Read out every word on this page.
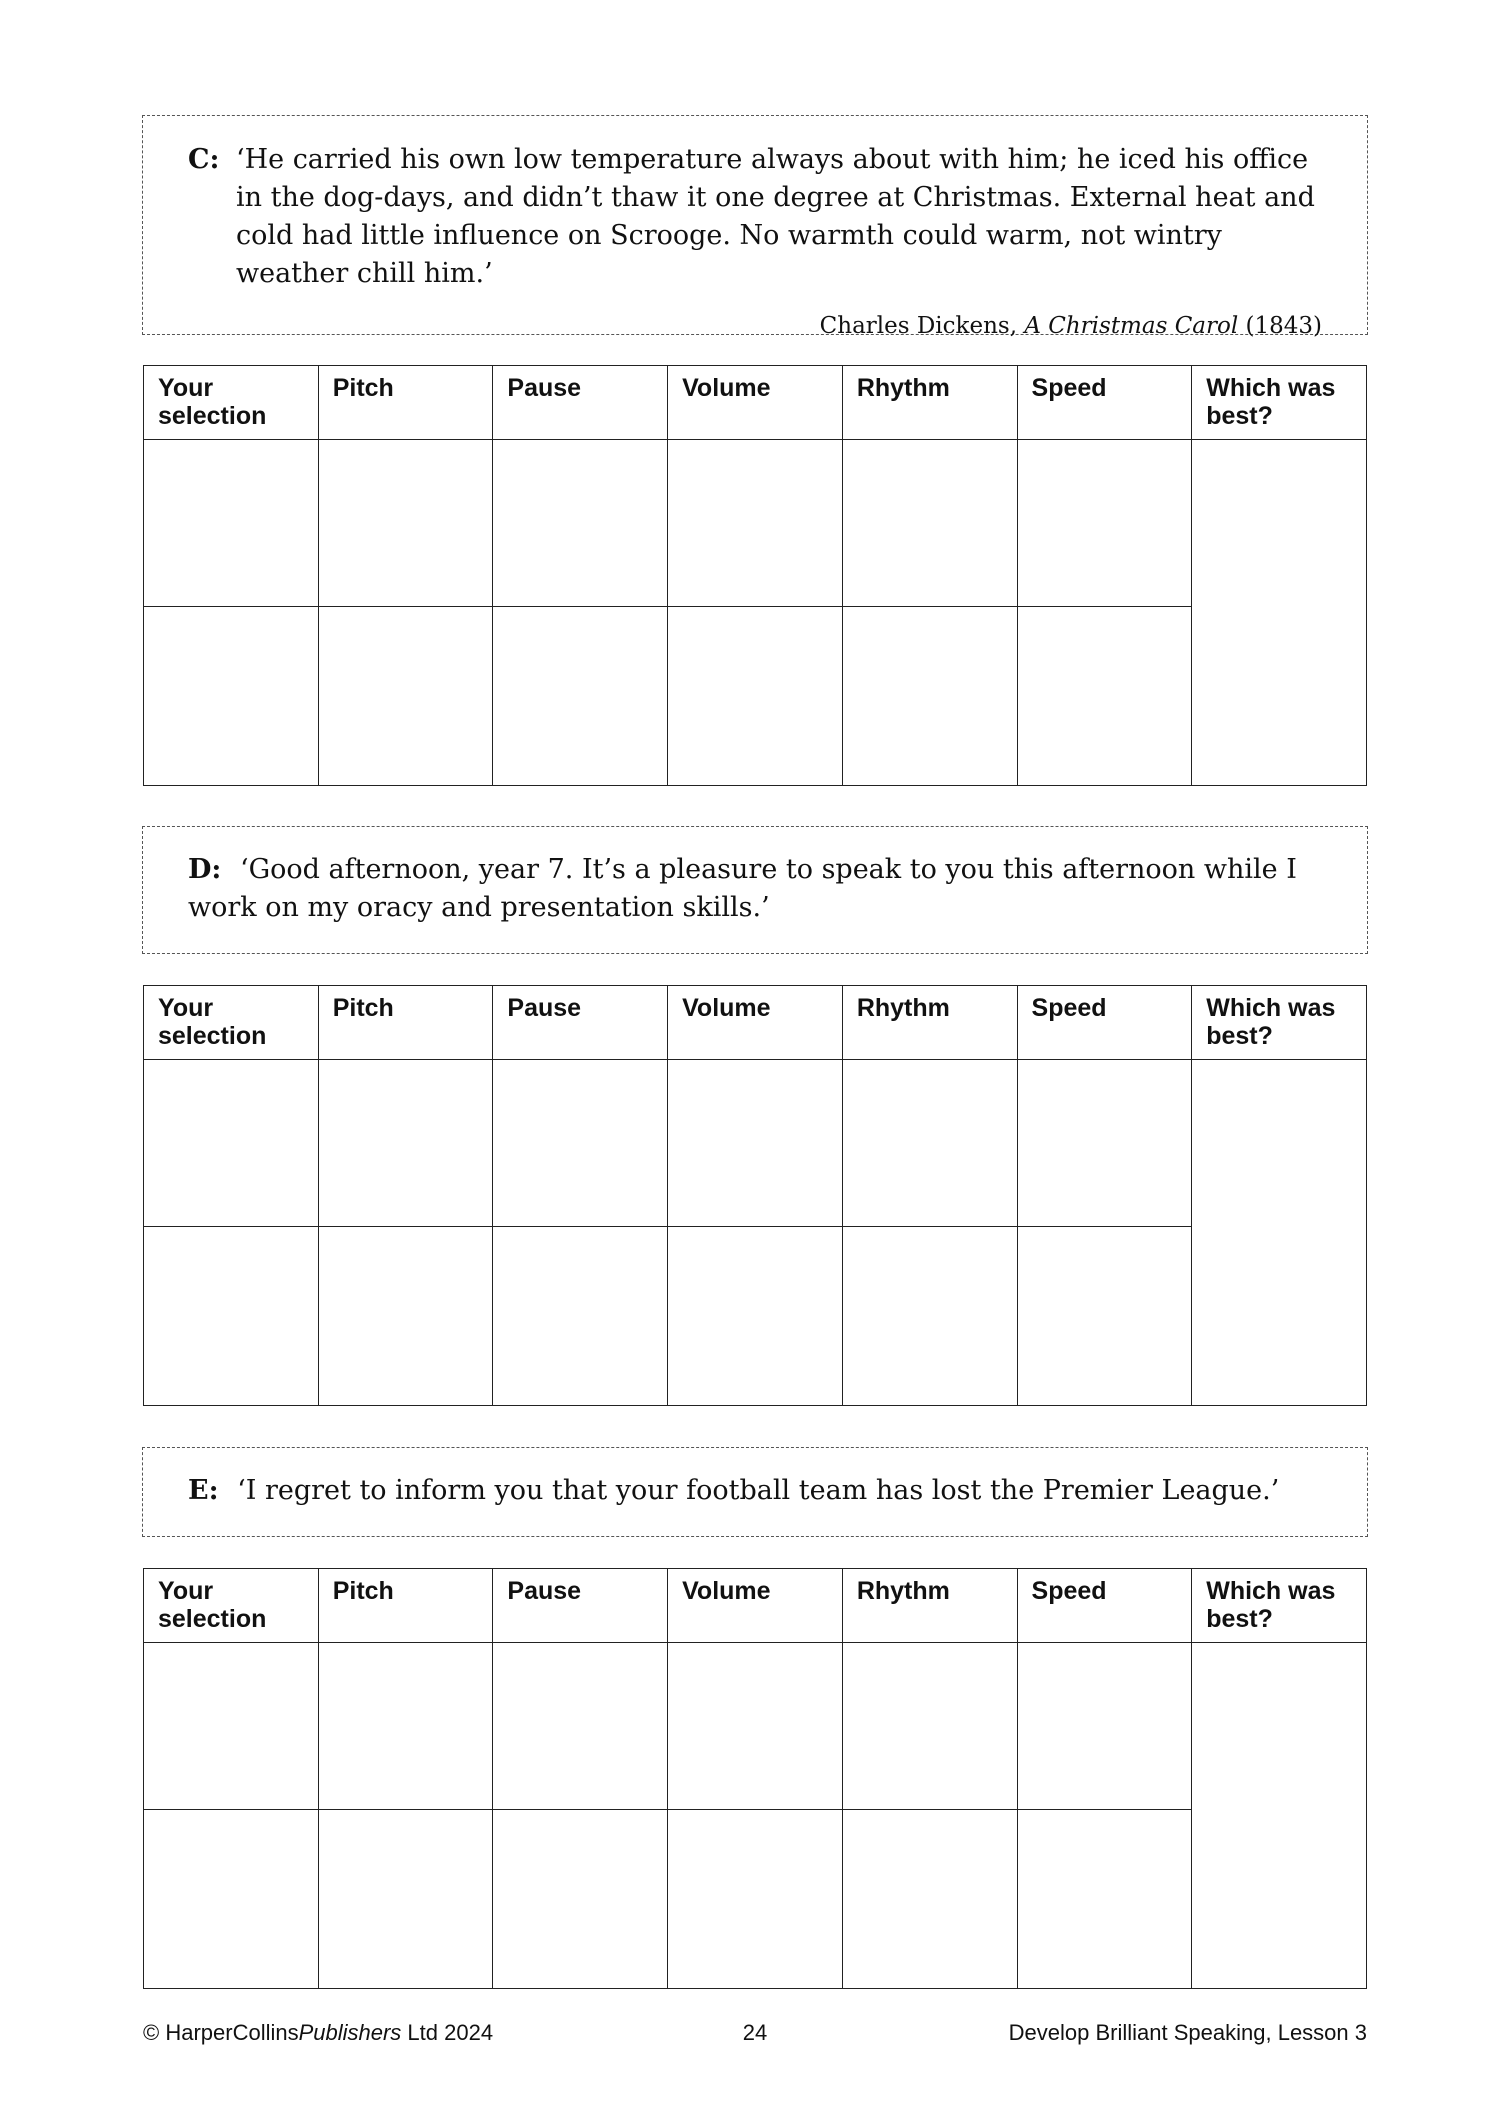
C: ‘He carried his own low temperature always about with him; he iced his office in the dog-days, and didn’t thaw it one degree at Christmas. External heat and cold had little influence on Scrooge. No warmth could warm, not wintry weather chill him.’
Charles Dickens, A Christmas Carol (1843)
Your selection	Pitch	Pause	Volume	Rhythm	Speed	Which was best?

D: ‘Good afternoon, year 7. It’s a pleasure to speak to you this afternoon while I work on my oracy and presentation skills.’
Your selection	Pitch	Pause	Volume	Rhythm	Speed	Which was best?

E: ‘I regret to inform you that your football team has lost the Premier League.’
Your selection	Pitch	Pause	Volume	Rhythm	Speed	Which was best?

© HarperCollinsPublishers Ltd 2024	24	Develop Brilliant Speaking, Lesson 3
